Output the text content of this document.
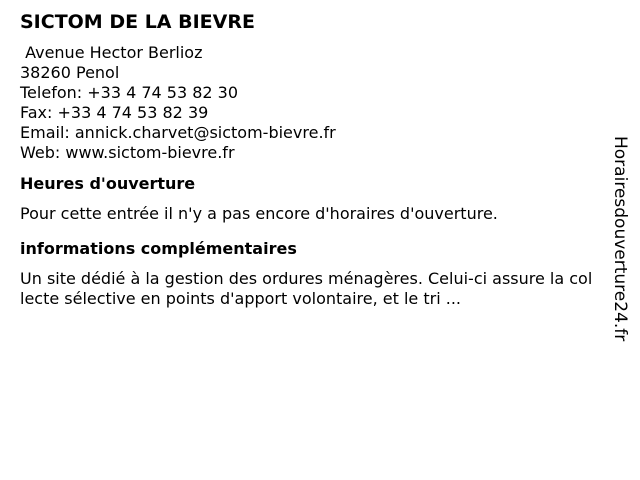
SICTOM DE LA BIEVRE
Avenue Hector Berlioz
38260 Penol
Telefon: +33 4 74 53 82 30
Fax: +33 4 74 53 82 39
Email: annick.charvet@sictom-bievre.fr
Web: www.sictom-bievre.fr
Heures d'ouverture
Pour cette entrée il n'y a pas encore d'horaires d'ouverture.
informations complémentaires
Un site dédié à la gestion des ordures ménagères. Celui-ci assure la collecte sélective en points d'apport volontaire, et le tri ...	Horairesdouverture24.fr
